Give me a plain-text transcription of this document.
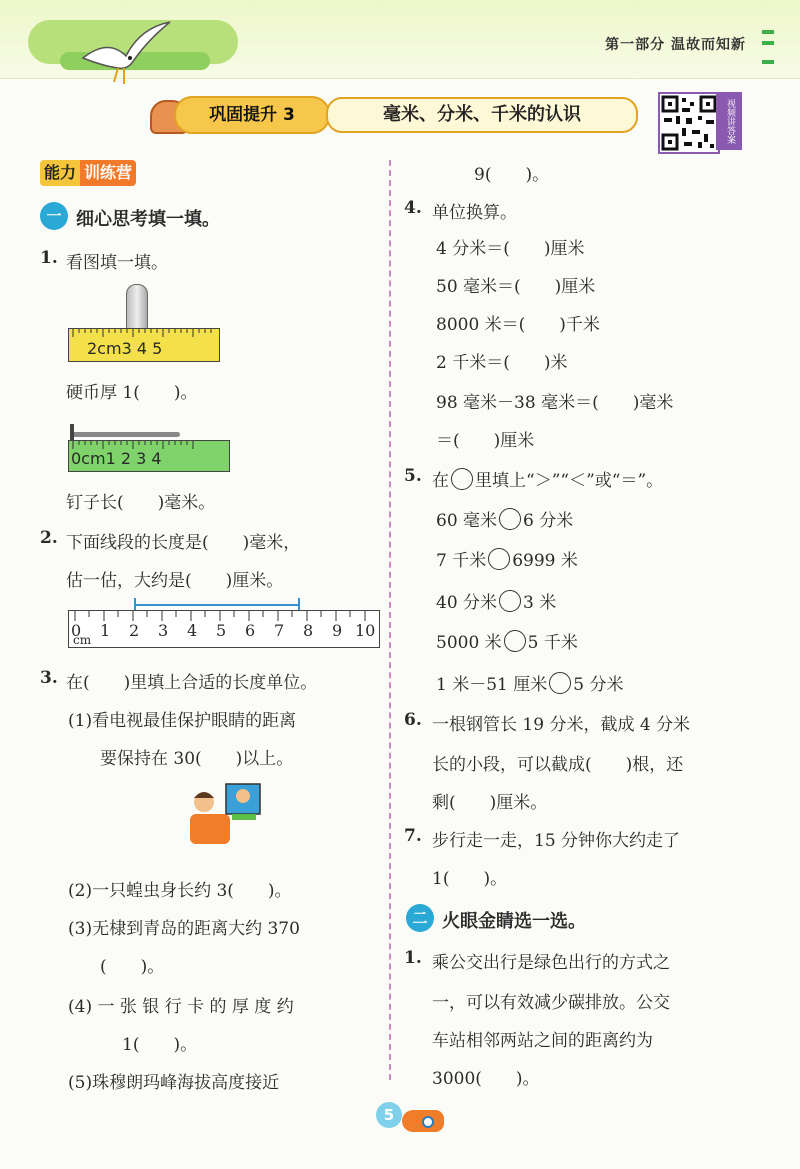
第一部分 温故而知新
巩固提升 3	毫米、分米、千米的认识	视频讲答案
能力 训练营
一 细心思考填一填。
1. 看图填一填。
2cm3 4 5
硬币厚 1(　　)。
0cm1 2 3 4
钉子长(　　)毫米。
2. 下面线段的长度是(　　)毫米，
估一估，大约是(　　)厘米。
0 1 2 3 4 5 6 7 8 9 10
cm
3. 在(　　)里填上合适的长度单位。
(1)看电视最佳保护眼睛的距离
要保持在 30(　　)以上。
(2)一只蝗虫身长约 3(　　)。
(3)无棣到青岛的距离大约 370
(　　)。
(4) 一 张 银 行 卡 的 厚 度 约
1(　　)。
(5)珠穆朗玛峰海拔高度接近
9(　　)。
4. 单位换算。
4 分米＝(　　)厘米
50 毫米＝(　　)厘米
8000 米＝(　　)千米
2 千米＝(　　)米
98 毫米－38 毫米＝(　　)毫米
＝(　　)厘米
5. 在 里填上“＞”“＜”或“＝”。
60 毫米 6 分米
7 千米 6999 米
40 分米 3 米
5000 米 5 千米
1 米－51 厘米 5 分米
6. 一根钢管长 19 分米，截成 4 分米
长的小段，可以截成(　　)根，还
剩(　　)厘米。
7. 步行走一走，15 分钟你大约走了
1(　　)。
二 火眼金睛选一选。
1. 乘公交出行是绿色出行的方式之
一，可以有效减少碳排放。公交
车站相邻两站之间的距离约为
3000(　　)。
5
